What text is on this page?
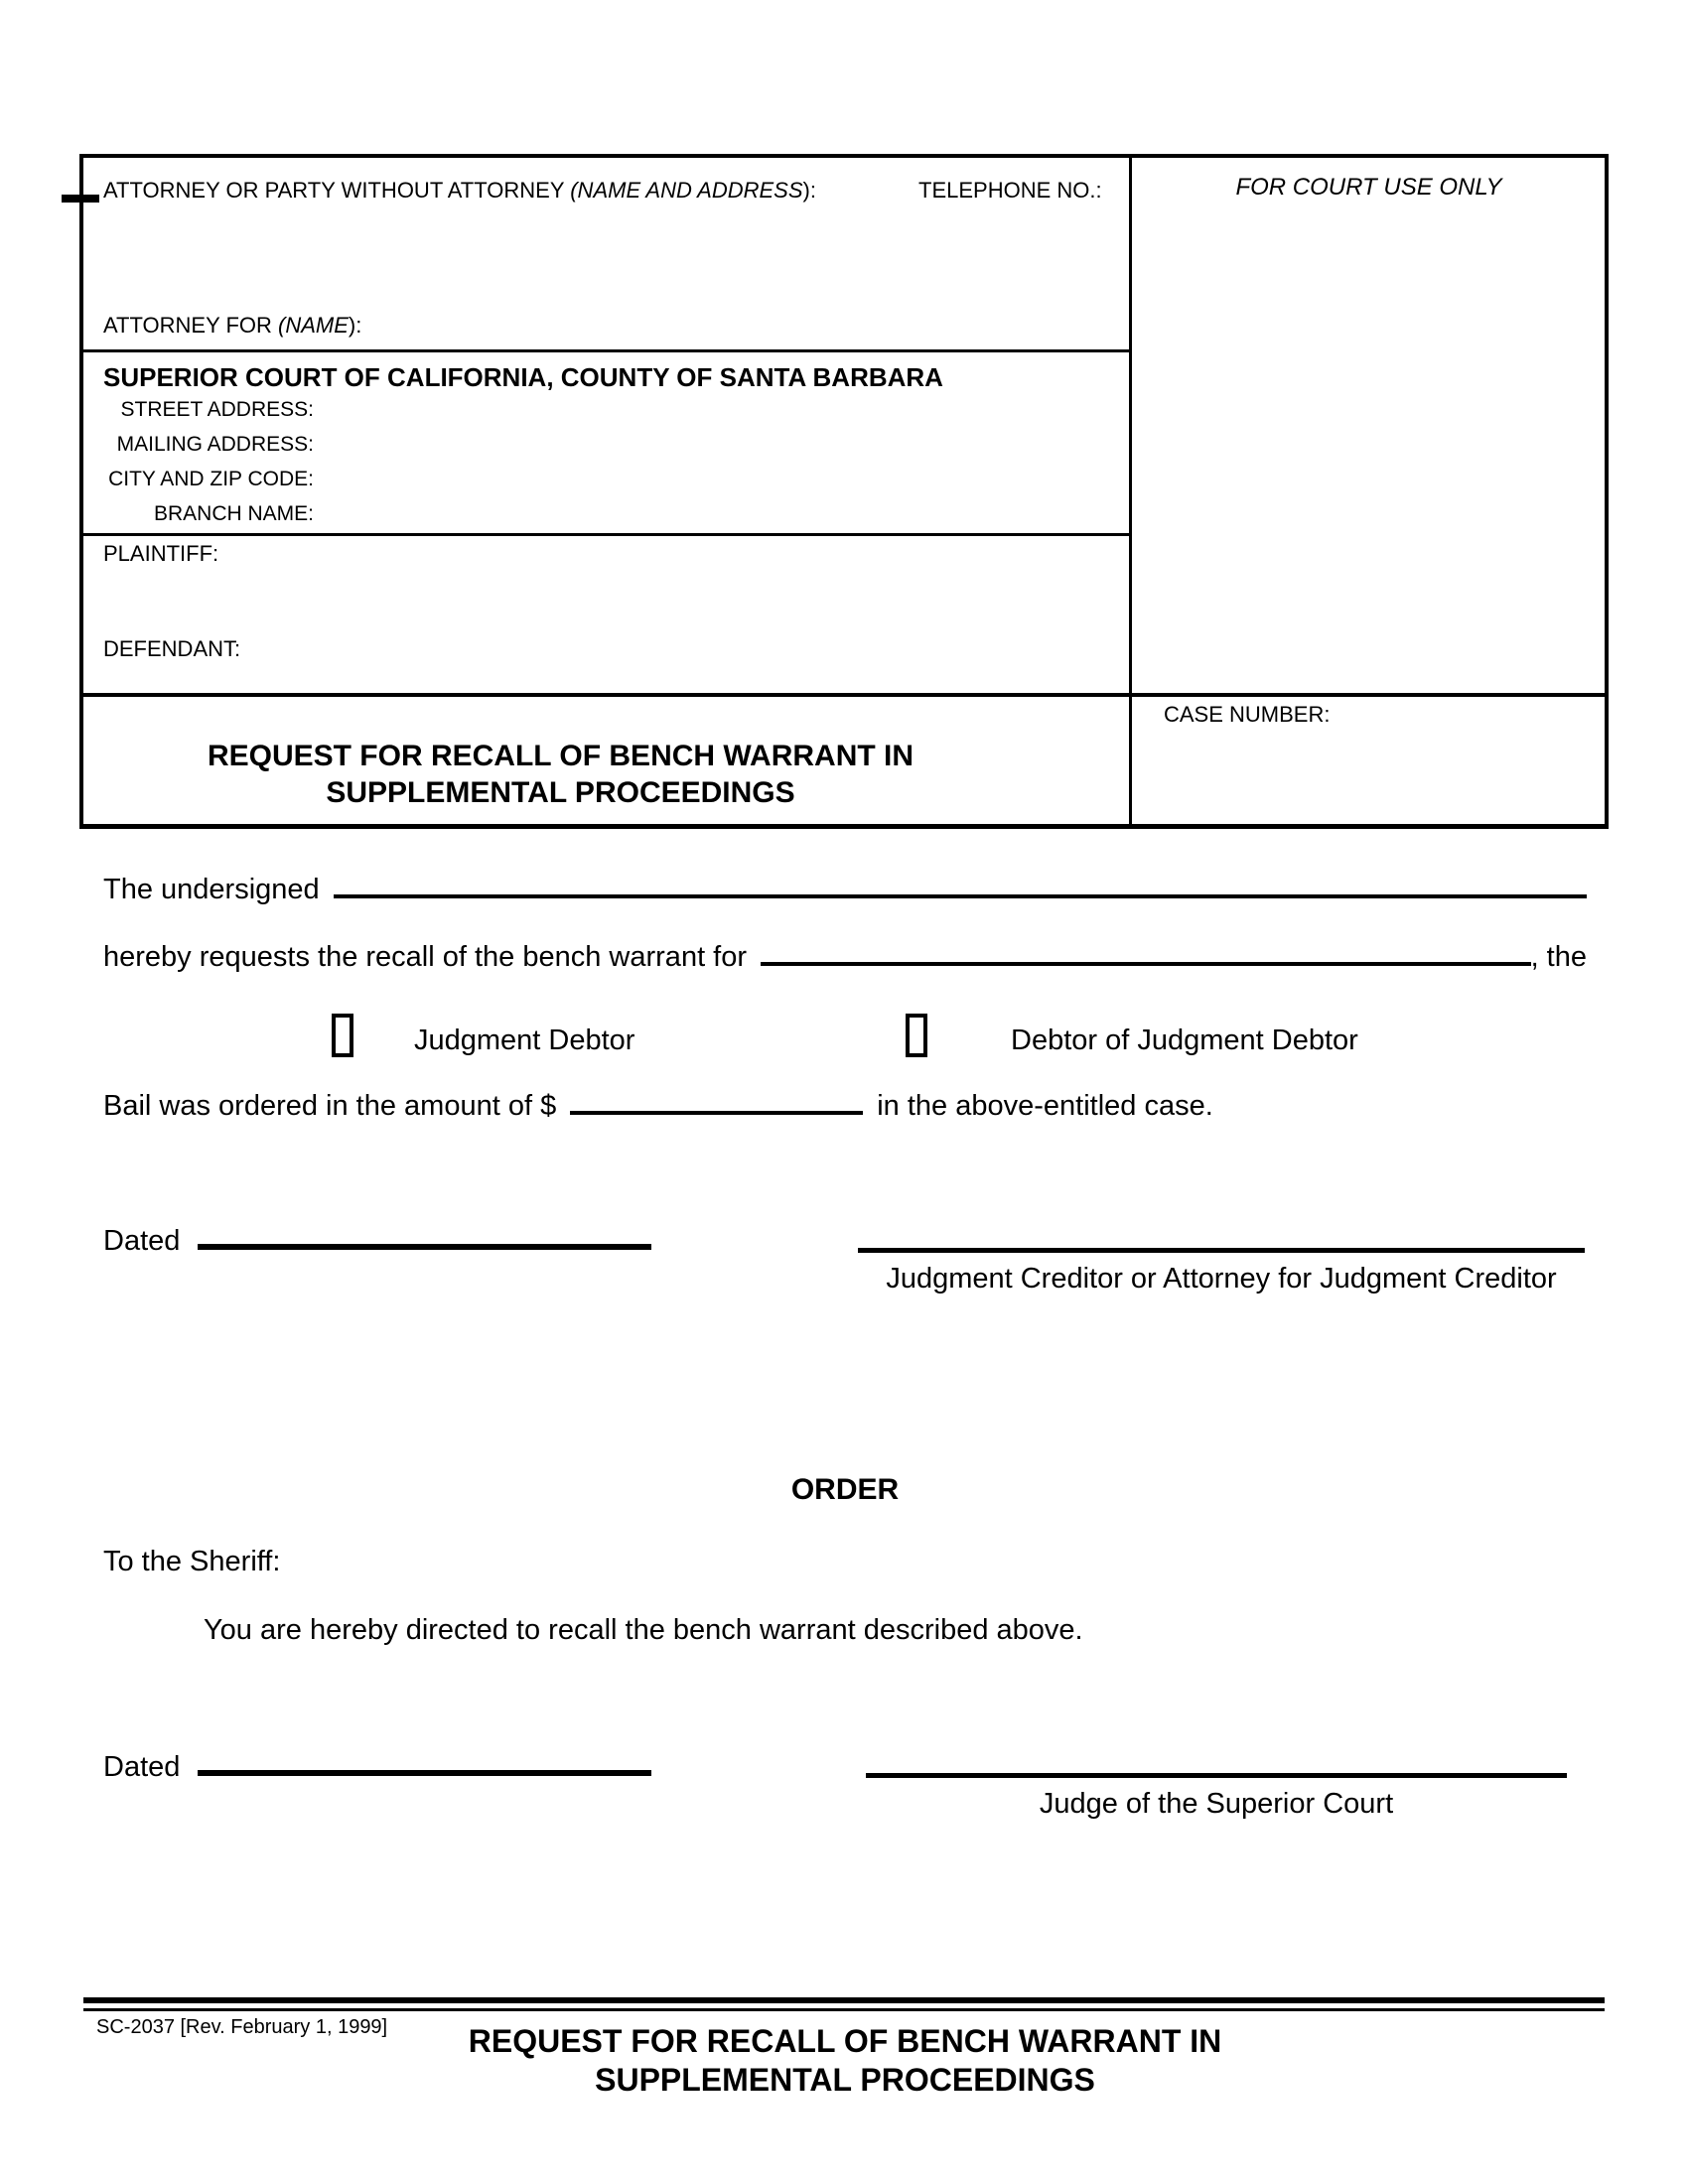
ATTORNEY OR PARTY WITHOUT ATTORNEY (NAME AND ADDRESS):	TELEPHONE NO.:
ATTORNEY FOR (NAME):
SUPERIOR COURT OF CALIFORNIA, COUNTY OF SANTA BARBARA
STREET ADDRESS:
MAILING ADDRESS:
CITY AND ZIP CODE:
BRANCH NAME:
PLAINTIFF:
DEFENDANT:
REQUEST FOR RECALL OF BENCH WARRANT IN
SUPPLEMENTAL PROCEEDINGS
FOR COURT USE ONLY
CASE NUMBER:
The undersigned
hereby requests the recall of the bench warrant for	, the
Judgment Debtor	Debtor of Judgment Debtor
Bail was ordered in the amount of $	in the above-entitled case.
Dated
Judgment Creditor or Attorney for Judgment Creditor
ORDER
To the Sheriff:
You are hereby directed to recall the bench warrant described above.
Dated
Judge of the Superior Court
SC-2037 [Rev. February 1, 1999]	REQUEST FOR RECALL OF BENCH WARRANT IN
SUPPLEMENTAL PROCEEDINGS
